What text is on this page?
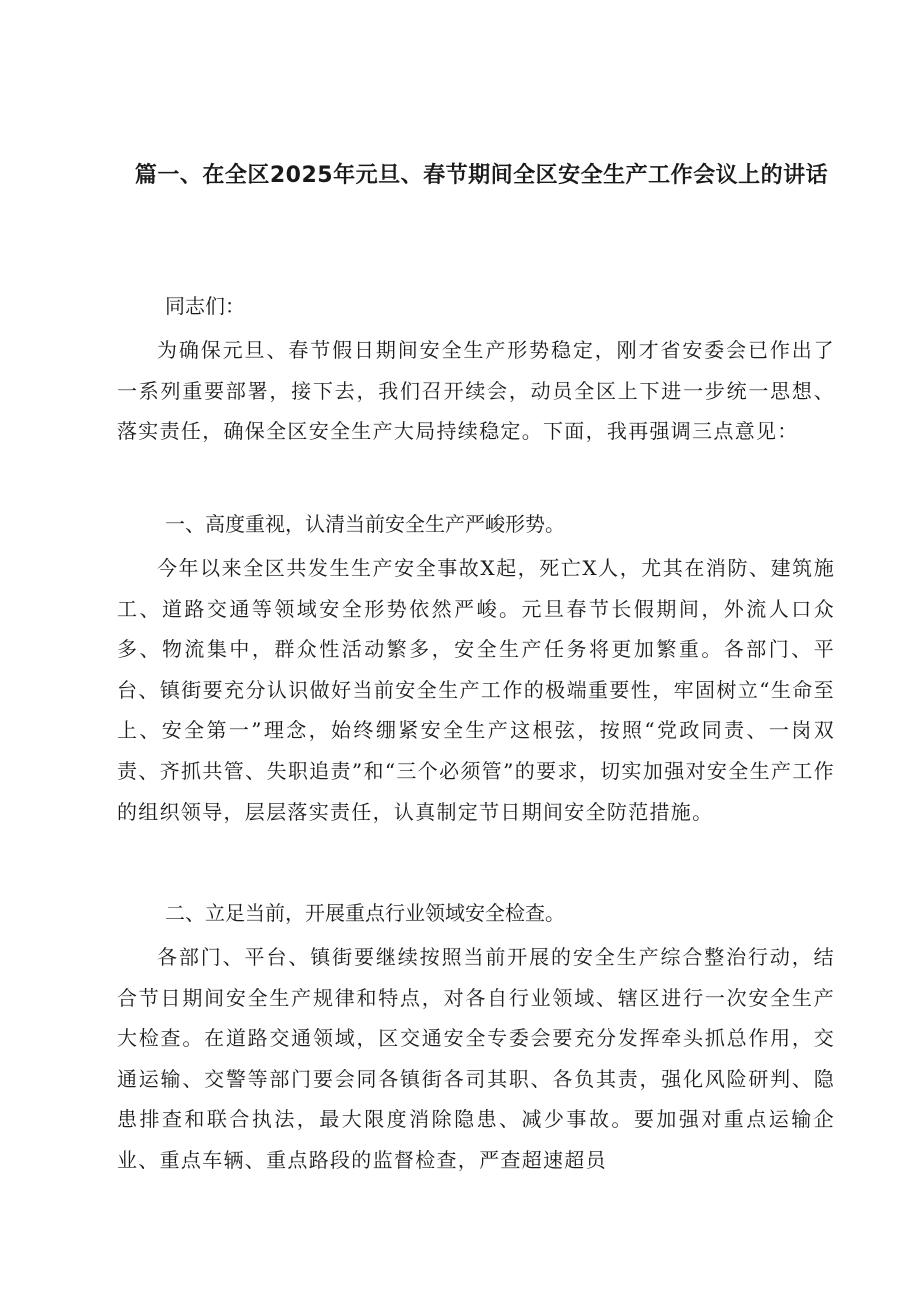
篇一、在全区2025年元旦、春节期间全区安全生产工作会议上的讲话
同志们：
为确保元旦、春节假日期间安全生产形势稳定，刚才省安委会已作出了一系列重要部署，接下去，我们召开续会，动员全区上下进一步统一思想、落实责任，确保全区安全生产大局持续稳定。下面，我再强调三点意见：
一、高度重视，认清当前安全生产严峻形势。
今年以来全区共发生生产安全事故X起，死亡X人，尤其在消防、建筑施工、道路交通等领域安全形势依然严峻。元旦春节长假期间，外流人口众多、物流集中，群众性活动繁多，安全生产任务将更加繁重。各部门、平台、镇街要充分认识做好当前安全生产工作的极端重要性，牢固树立“生命至上、安全第一”理念，始终绷紧安全生产这根弦，按照“党政同责、一岗双责、齐抓共管、失职追责”和“三个必须管”的要求，切实加强对安全生产工作的组织领导，层层落实责任，认真制定节日期间安全防范措施。
二、立足当前，开展重点行业领域安全检查。
各部门、平台、镇街要继续按照当前开展的安全生产综合整治行动，结合节日期间安全生产规律和特点，对各自行业领域、辖区进行一次安全生产大检查。在道路交通领域，区交通安全专委会要充分发挥牵头抓总作用，交通运输、交警等部门要会同各镇街各司其职、各负其责，强化风险研判、隐患排查和联合执法，最大限度消除隐患、减少事故。要加强对重点运输企业、重点车辆、重点路段的监督检查，严查超速超员
